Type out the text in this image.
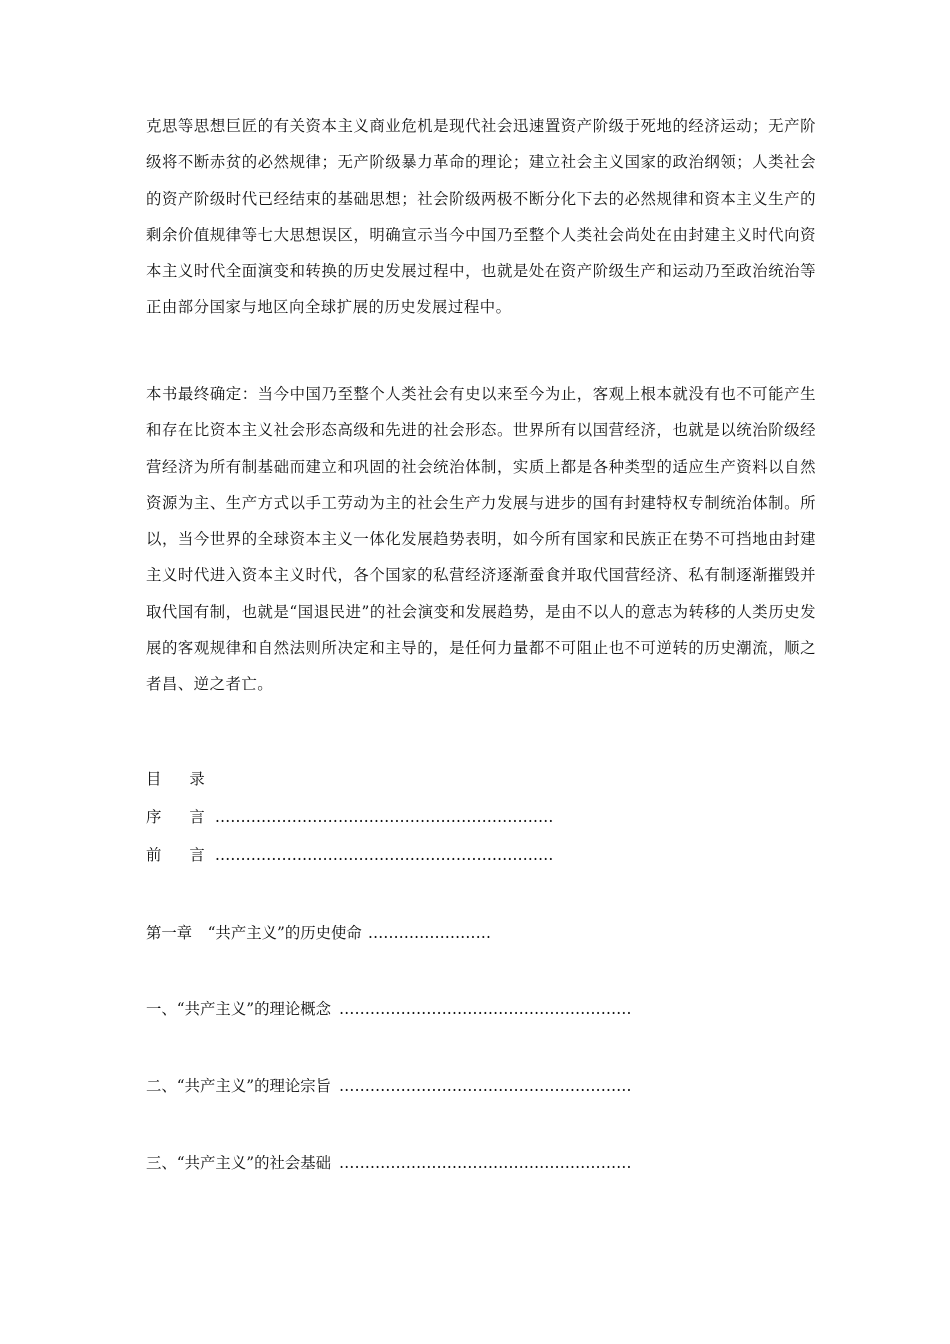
克思等思想巨匠的有关资本主义商业危机是现代社会迅速置资产阶级于死地的经济运动；无产阶级将不断赤贫的必然规律；无产阶级暴力革命的理论；建立社会主义国家的政治纲领；人类社会的资产阶级时代已经结束的基础思想；社会阶级两极不断分化下去的必然规律和资本主义生产的剩余价值规律等七大思想误区，明确宣示当今中国乃至整个人类社会尚处在由封建主义时代向资本主义时代全面演变和转换的历史发展过程中，也就是处在资产阶级生产和运动乃至政治统治等正由部分国家与地区向全球扩展的历史发展过程中。

本书最终确定：当今中国乃至整个人类社会有史以来至今为止，客观上根本就没有也不可能产生和存在比资本主义社会形态高级和先进的社会形态。世界所有以国营经济，也就是以统治阶级经营经济为所有制基础而建立和巩固的社会统治体制，实质上都是各种类型的适应生产资料以自然资源为主、生产方式以手工劳动为主的社会生产力发展与进步的国有封建特权专制统治体制。所以，当今世界的全球资本主义一体化发展趋势表明，如今所有国家和民族正在势不可挡地由封建主义时代进入资本主义时代，各个国家的私营经济逐渐蚕食并取代国营经济、私有制逐渐摧毁并取代国有制，也就是“国退民进”的社会演变和发展趋势，是由不以人的意志为转移的人类历史发展的客观规律和自然法则所决定和主导的，是任何力量都不可阻止也不可逆转的历史潮流，顺之者昌、逆之者亡。

目 录
序 言 …………………………………………………………
前 言 …………………………………………………………
第一章　“共产主义”的历史使命 ……………………
一、“共产主义”的理论概念 …………………………………………………
二、“共产主义”的理论宗旨 …………………………………………………
三、“共产主义”的社会基础 …………………………………………………
